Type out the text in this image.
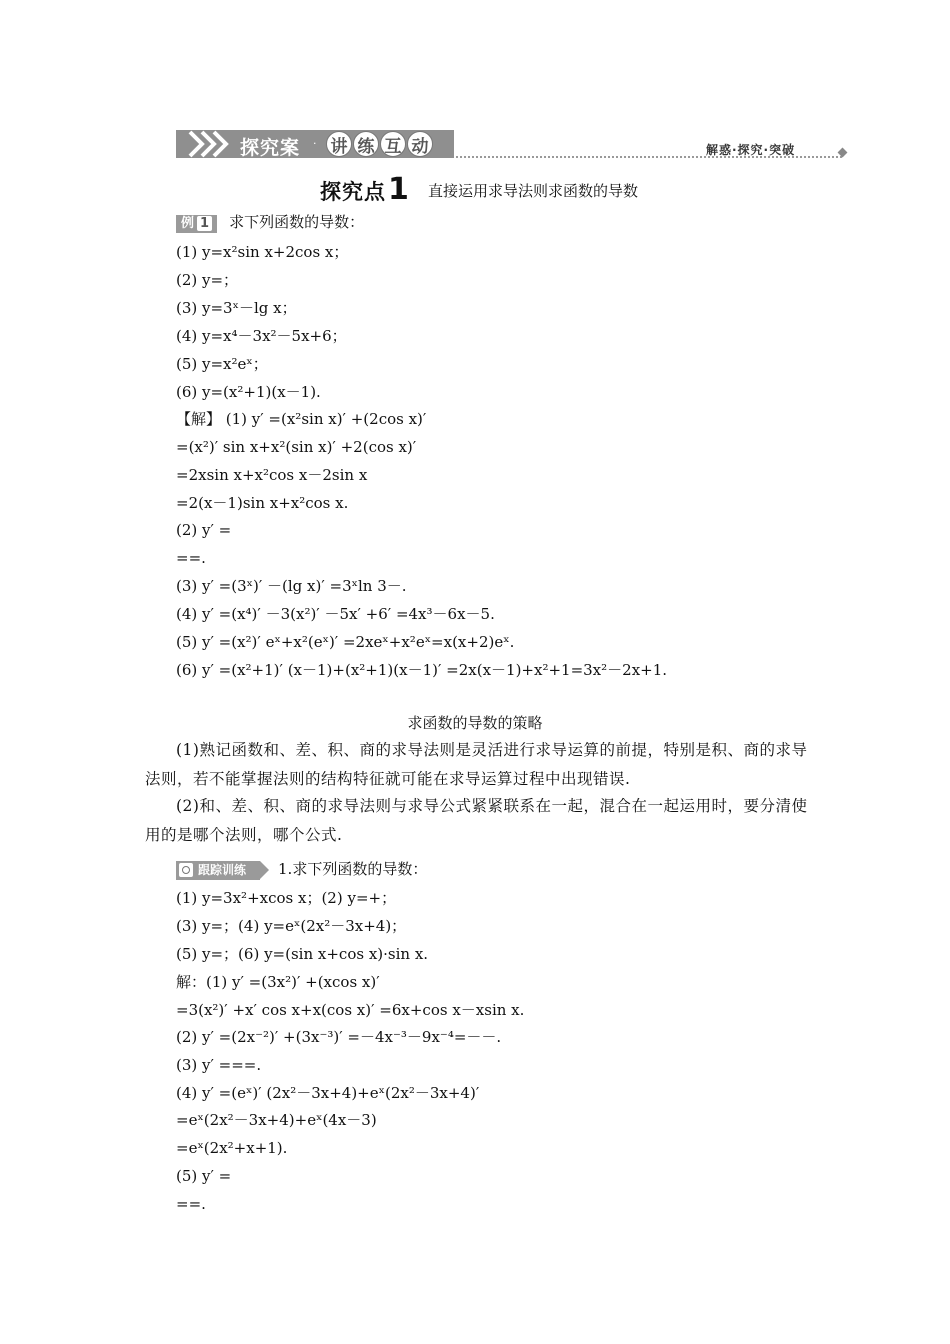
探究案 · 讲 练 互 动	解惑·探究·突破
探究点1 直接运用求导法则求函数的导数
例 1 求下列函数的导数：
(1) y=x²sin x+2cos x；
(2) y=；
(3) y=3ˣ－lg x；
(4) y=x⁴－3x²－5x+6；
(5) y=x²eˣ；
(6) y=(x²+1)(x－1).
【解】 (1) y′ =(x²sin x)′ +(2cos x)′
=(x²)′ sin x+x²(sin x)′ +2(cos x)′
=2xsin x+x²cos x－2sin x
=2(x－1)sin x+x²cos x.
(2) y′ =
==.
(3) y′ =(3ˣ)′ －(lg x)′ =3ˣln 3－.
(4) y′ =(x⁴)′ －3(x²)′ －5x′ +6′ =4x³－6x－5.
(5) y′ =(x²)′ eˣ+x²(eˣ)′ =2xeˣ+x²eˣ=x(x+2)eˣ.
(6) y′ =(x²+1)′ (x－1)+(x²+1)(x－1)′ =2x(x－1)+x²+1=3x²－2x+1.
求函数的导数的策略
(1)熟记函数和、差、积、商的求导法则是灵活进行求导运算的前提，特别是积、商的求导法则，若不能掌握法则的结构特征就可能在求导运算过程中出现错误.
(2)和、差、积、商的求导法则与求导公式紧紧联系在一起，混合在一起运用时，要分清使用的是哪个法则，哪个公式.
跟踪训练 1.求下列函数的导数：
(1) y=3x²+xcos x；(2) y=+；
(3) y=；(4) y=eˣ(2x²－3x+4)；
(5) y=；(6) y=(sin x+cos x)·sin x.
解：(1) y′ =(3x²)′ +(xcos x)′
=3(x²)′ +x′ cos x+x(cos x)′ =6x+cos x－xsin x.
(2) y′ =(2x⁻²)′ +(3x⁻³)′ =－4x⁻³－9x⁻⁴=－－.
(3) y′ ===.
(4) y′ =(eˣ)′ (2x²－3x+4)+eˣ(2x²－3x+4)′
=eˣ(2x²－3x+4)+eˣ(4x－3)
=eˣ(2x²+x+1).
(5) y′ =
==.
